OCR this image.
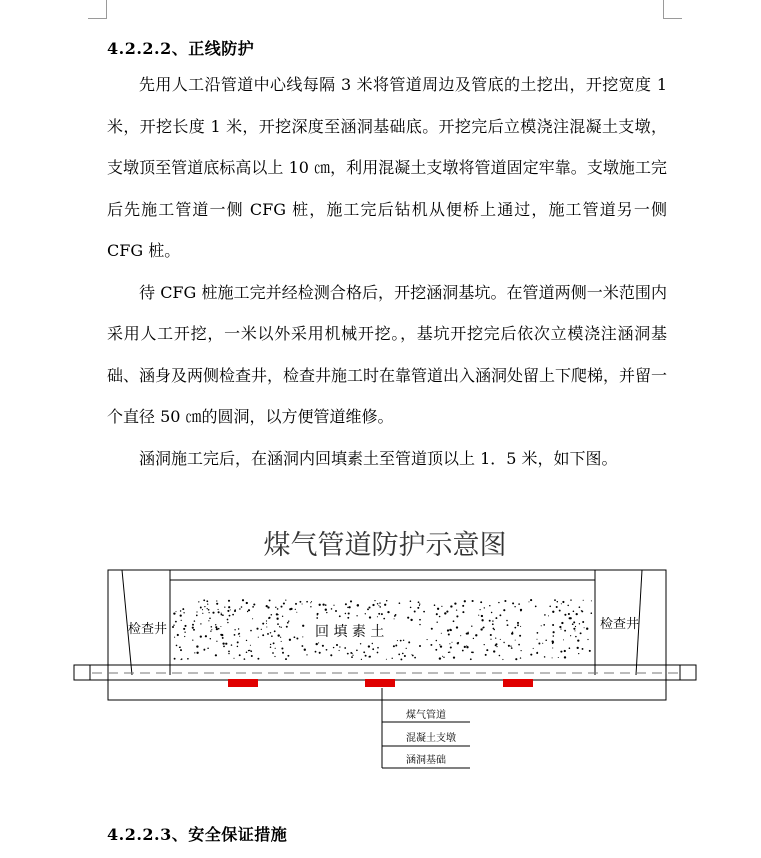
4.2.2.2、正线防护

先用人工沿管道中心线每隔 3 米将管道周边及管底的土挖出，开挖宽度 1 米，开挖长度 1 米，开挖深度至涵洞基础底。开挖完后立模浇注混凝土支墩，支墩顶至管道底标高以上 10 ㎝，利用混凝土支墩将管道固定牢靠。支墩施工完后先施工管道一侧 CFG 桩，施工完后钻机从便桥上通过，施工管道另一侧 CFG 桩。

待 CFG 桩施工完并经检测合格后，开挖涵洞基坑。在管道两侧一米范围内采用人工开挖，一米以外采用机械开挖。，基坑开挖完后依次立模浇注涵洞基础、涵身及两侧检查井，检查井施工时在靠管道出入涵洞处留上下爬梯，并留一个直径 50 ㎝的圆洞，以方便管道维修。

涵洞施工完后，在涵洞内回填素土至管道顶以上 1．5 米，如下图。

煤气管道防护示意图
检查井	检查井
回 填 素 土
煤气管道
混凝土支墩
涵洞基础
4.2.2.3、安全保证措施
